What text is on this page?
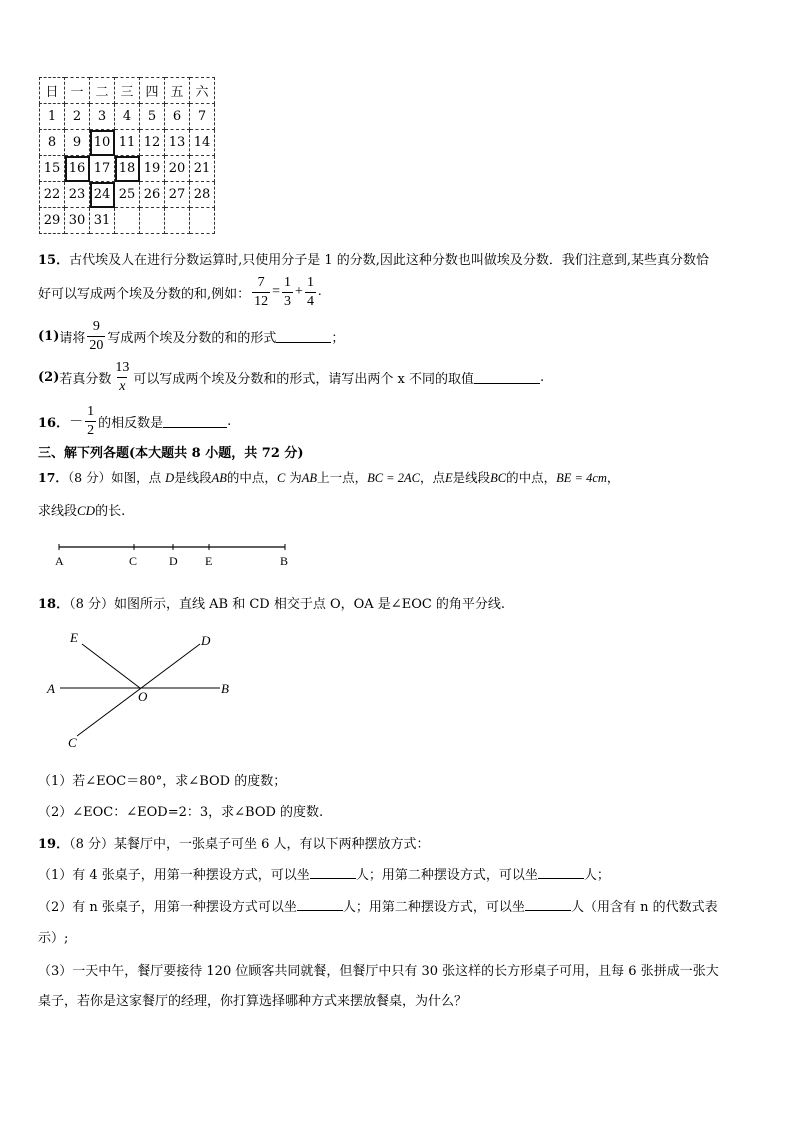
日	一	二	三	四	五	六
1	2	3	4	5	6	7
8	9	10	11	12	13	14
15	16	17	18	19	20	21
22	23	24	25	26	27	28
29	30	31				
15．古代埃及人在进行分数运算时,只使用分子是 1 的分数,因此这种分数也叫做埃及分数．我们注意到,某些真分数恰
好可以写成两个埃及分数的和,例如： $\frac{7}{12} = \frac{1}{3} + \frac{1}{4}$ .
(1) 请将 $\frac{9}{20}$ 写成两个埃及分数的和的形式	；
(2) 若真分数 $\frac{13}{x}$ 可以写成两个埃及分数和的形式，请写出两个 x 不同的取值	.
16． － $\frac{1}{2}$ 的相反数是	.
三、解下列各题(本大题共 8 小题，共 72 分)
17．（8 分）如图，点 D是线段AB的中点，C 为AB上一点，BC = 2AC，点E是线段BC的中点，BE = 4cm，
求线段CD的长.
A	C	D E	B
18．（8 分）如图所示，直线 AB 和 CD 相交于点 O，OA 是∠EOC 的角平分线.
E	D
A
O
B
C
（1）若∠EOC＝80°，求∠BOD 的度数；
（2）∠EOC：∠EOD=2：3，求∠BOD 的度数.
19．（8 分）某餐厅中，一张桌子可坐 6 人，有以下两种摆放方式：
（1）有 4 张桌子，用第一种摆设方式，可以坐	人；用第二种摆设方式，可以坐	人；
（2）有 n 张桌子，用第一种摆设方式可以坐	人；用第二种摆设方式，可以坐	人（用含有 n 的代数式表
示）;
（3）一天中午，餐厅要接待 120 位顾客共同就餐，但餐厅中只有 30 张这样的长方形桌子可用，且每 6 张拼成一张大
桌子，若你是这家餐厅的经理，你打算选择哪种方式来摆放餐桌，为什么？
